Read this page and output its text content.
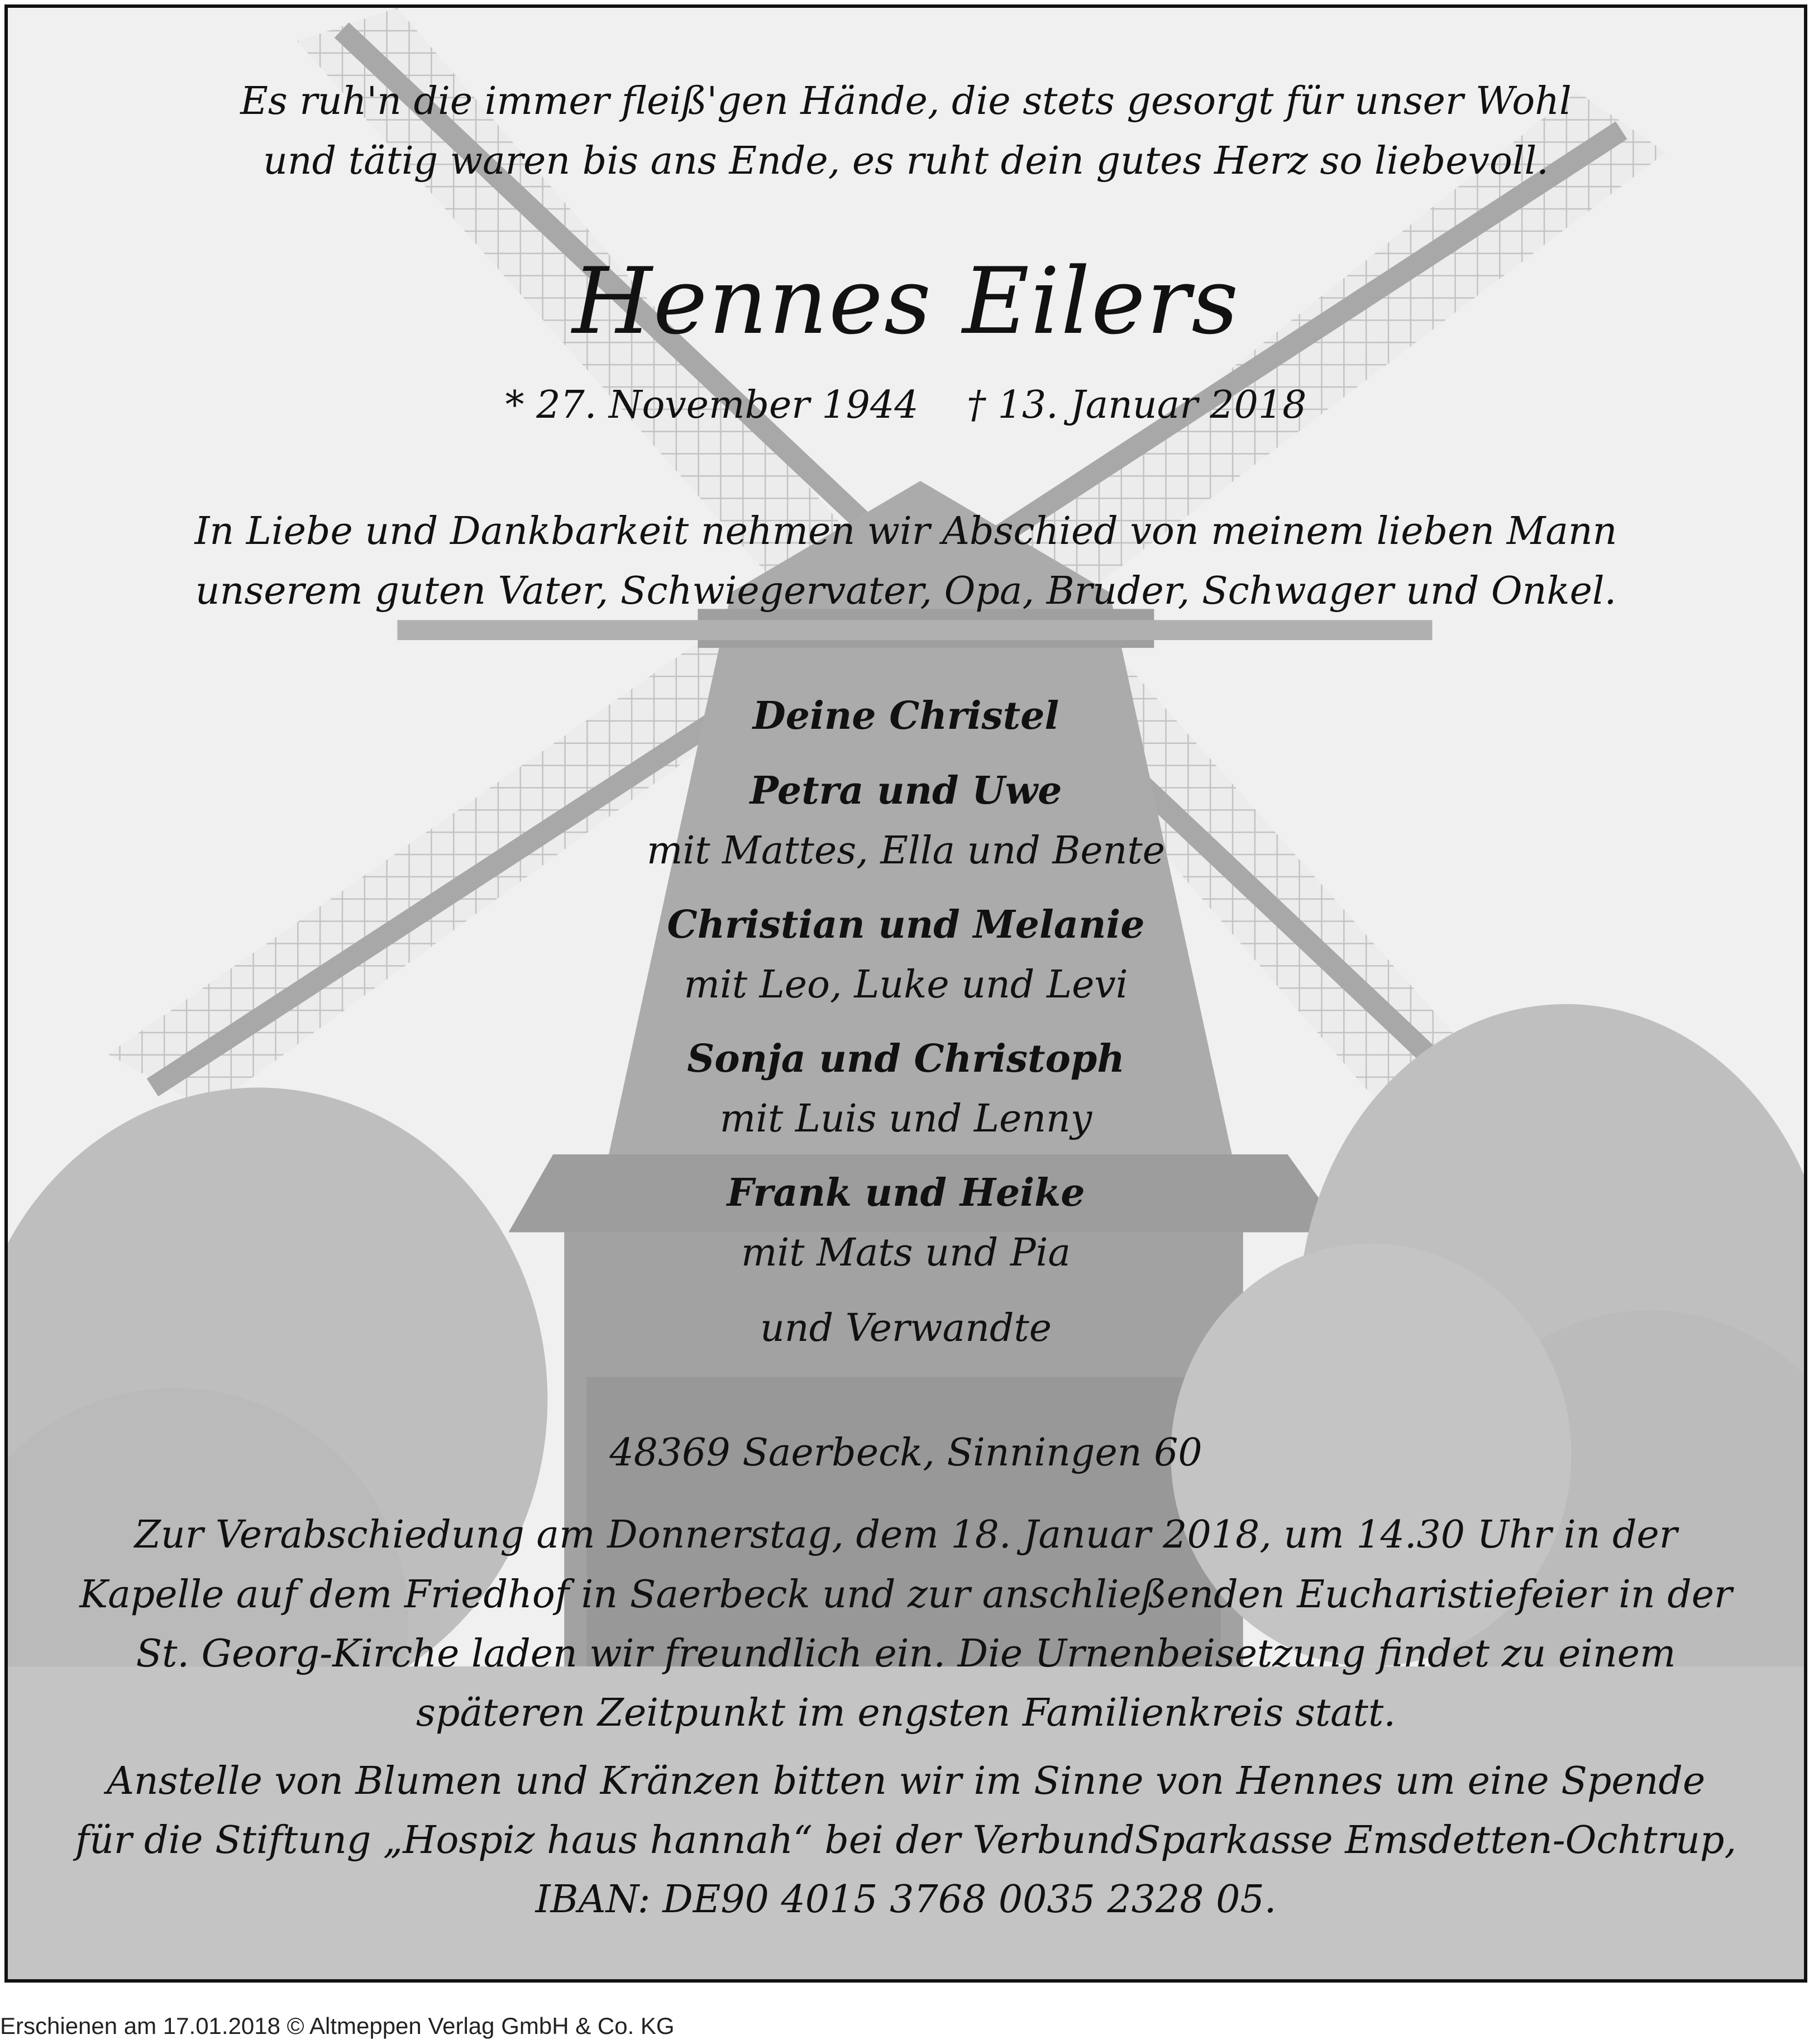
Es ruh'n die immer fleiß'gen Hände, die stets gesorgt für unser Wohl
und tätig waren bis ans Ende, es ruht dein gutes Herz so liebevoll.
Hennes Eilers
* 27. November 1944    † 13. Januar 2018
In Liebe und Dankbarkeit nehmen wir Abschied von meinem lieben Mann
unserem guten Vater, Schwiegervater, Opa, Bruder, Schwager und Onkel.
Deine Christel
Petra und Uwe
mit Mattes, Ella und Bente
Christian und Melanie
mit Leo, Luke und Levi
Sonja und Christoph
mit Luis und Lenny
Frank und Heike
mit Mats und Pia
und Verwandte
48369 Saerbeck, Sinningen 60
Zur Verabschiedung am Donnerstag, dem 18. Januar 2018, um 14.30 Uhr in der
Kapelle auf dem Friedhof in Saerbeck und zur anschließenden Eucharistiefeier in der
St. Georg-Kirche laden wir freundlich ein. Die Urnenbeisetzung findet zu einem
späteren Zeitpunkt im engsten Familienkreis statt.
Anstelle von Blumen und Kränzen bitten wir im Sinne von Hennes um eine Spende
für die Stiftung „Hospiz haus hannah“ bei der VerbundSparkasse Emsdetten-Ochtrup,
IBAN: DE90 4015 3768 0035 2328 05.
Erschienen am 17.01.2018 © Altmeppen Verlag GmbH & Co. KG
